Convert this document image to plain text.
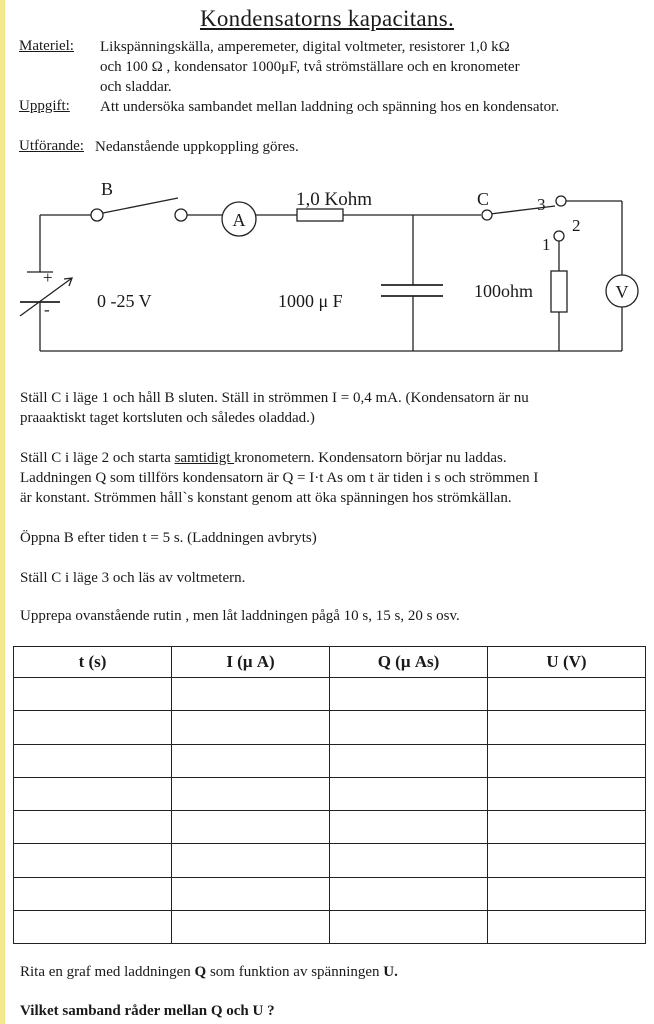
Kondensatorns kapacitans.
Materiel: Likspänningskälla, amperemeter, digital voltmeter, resistorer 1,0 kΩ
och 100 Ω , kondensator 1000μF, två strömställare och en kronometer
och sladdar.
Uppgift: Att undersöka sambandet mellan laddning och spänning hos en kondensator.
Utförande: Nedanstående uppkoppling göres.
B
A
1,0 Kohm	C	3
2
1
+
-	0 -25 V	1000 μ F	100ohm	V
Ställ C i läge 1 och håll B sluten. Ställ in strömmen I = 0,4 mA. (Kondensatorn är nu
praaaktiskt taget kortsluten och således oladdad.)
Ställ C i läge 2 och starta samtidigt kronometern. Kondensatorn börjar nu laddas.
Laddningen Q som tillförs kondensatorn är Q = I·t As om t är tiden i s och strömmen I
är konstant. Strömmen håll`s konstant genom att öka spänningen hos strömkällan.
Öppna B efter tiden t = 5 s. (Laddningen avbryts)
Ställ C i läge 3 och läs av voltmetern.
Upprepa ovanstående rutin , men låt laddningen pågå 10 s, 15 s, 20 s osv.
t (s)	I (μ A)	Q (μ As)	U (V)

Rita en graf med laddningen Q som funktion av spänningen U.
Vilket samband råder mellan Q och U ?
